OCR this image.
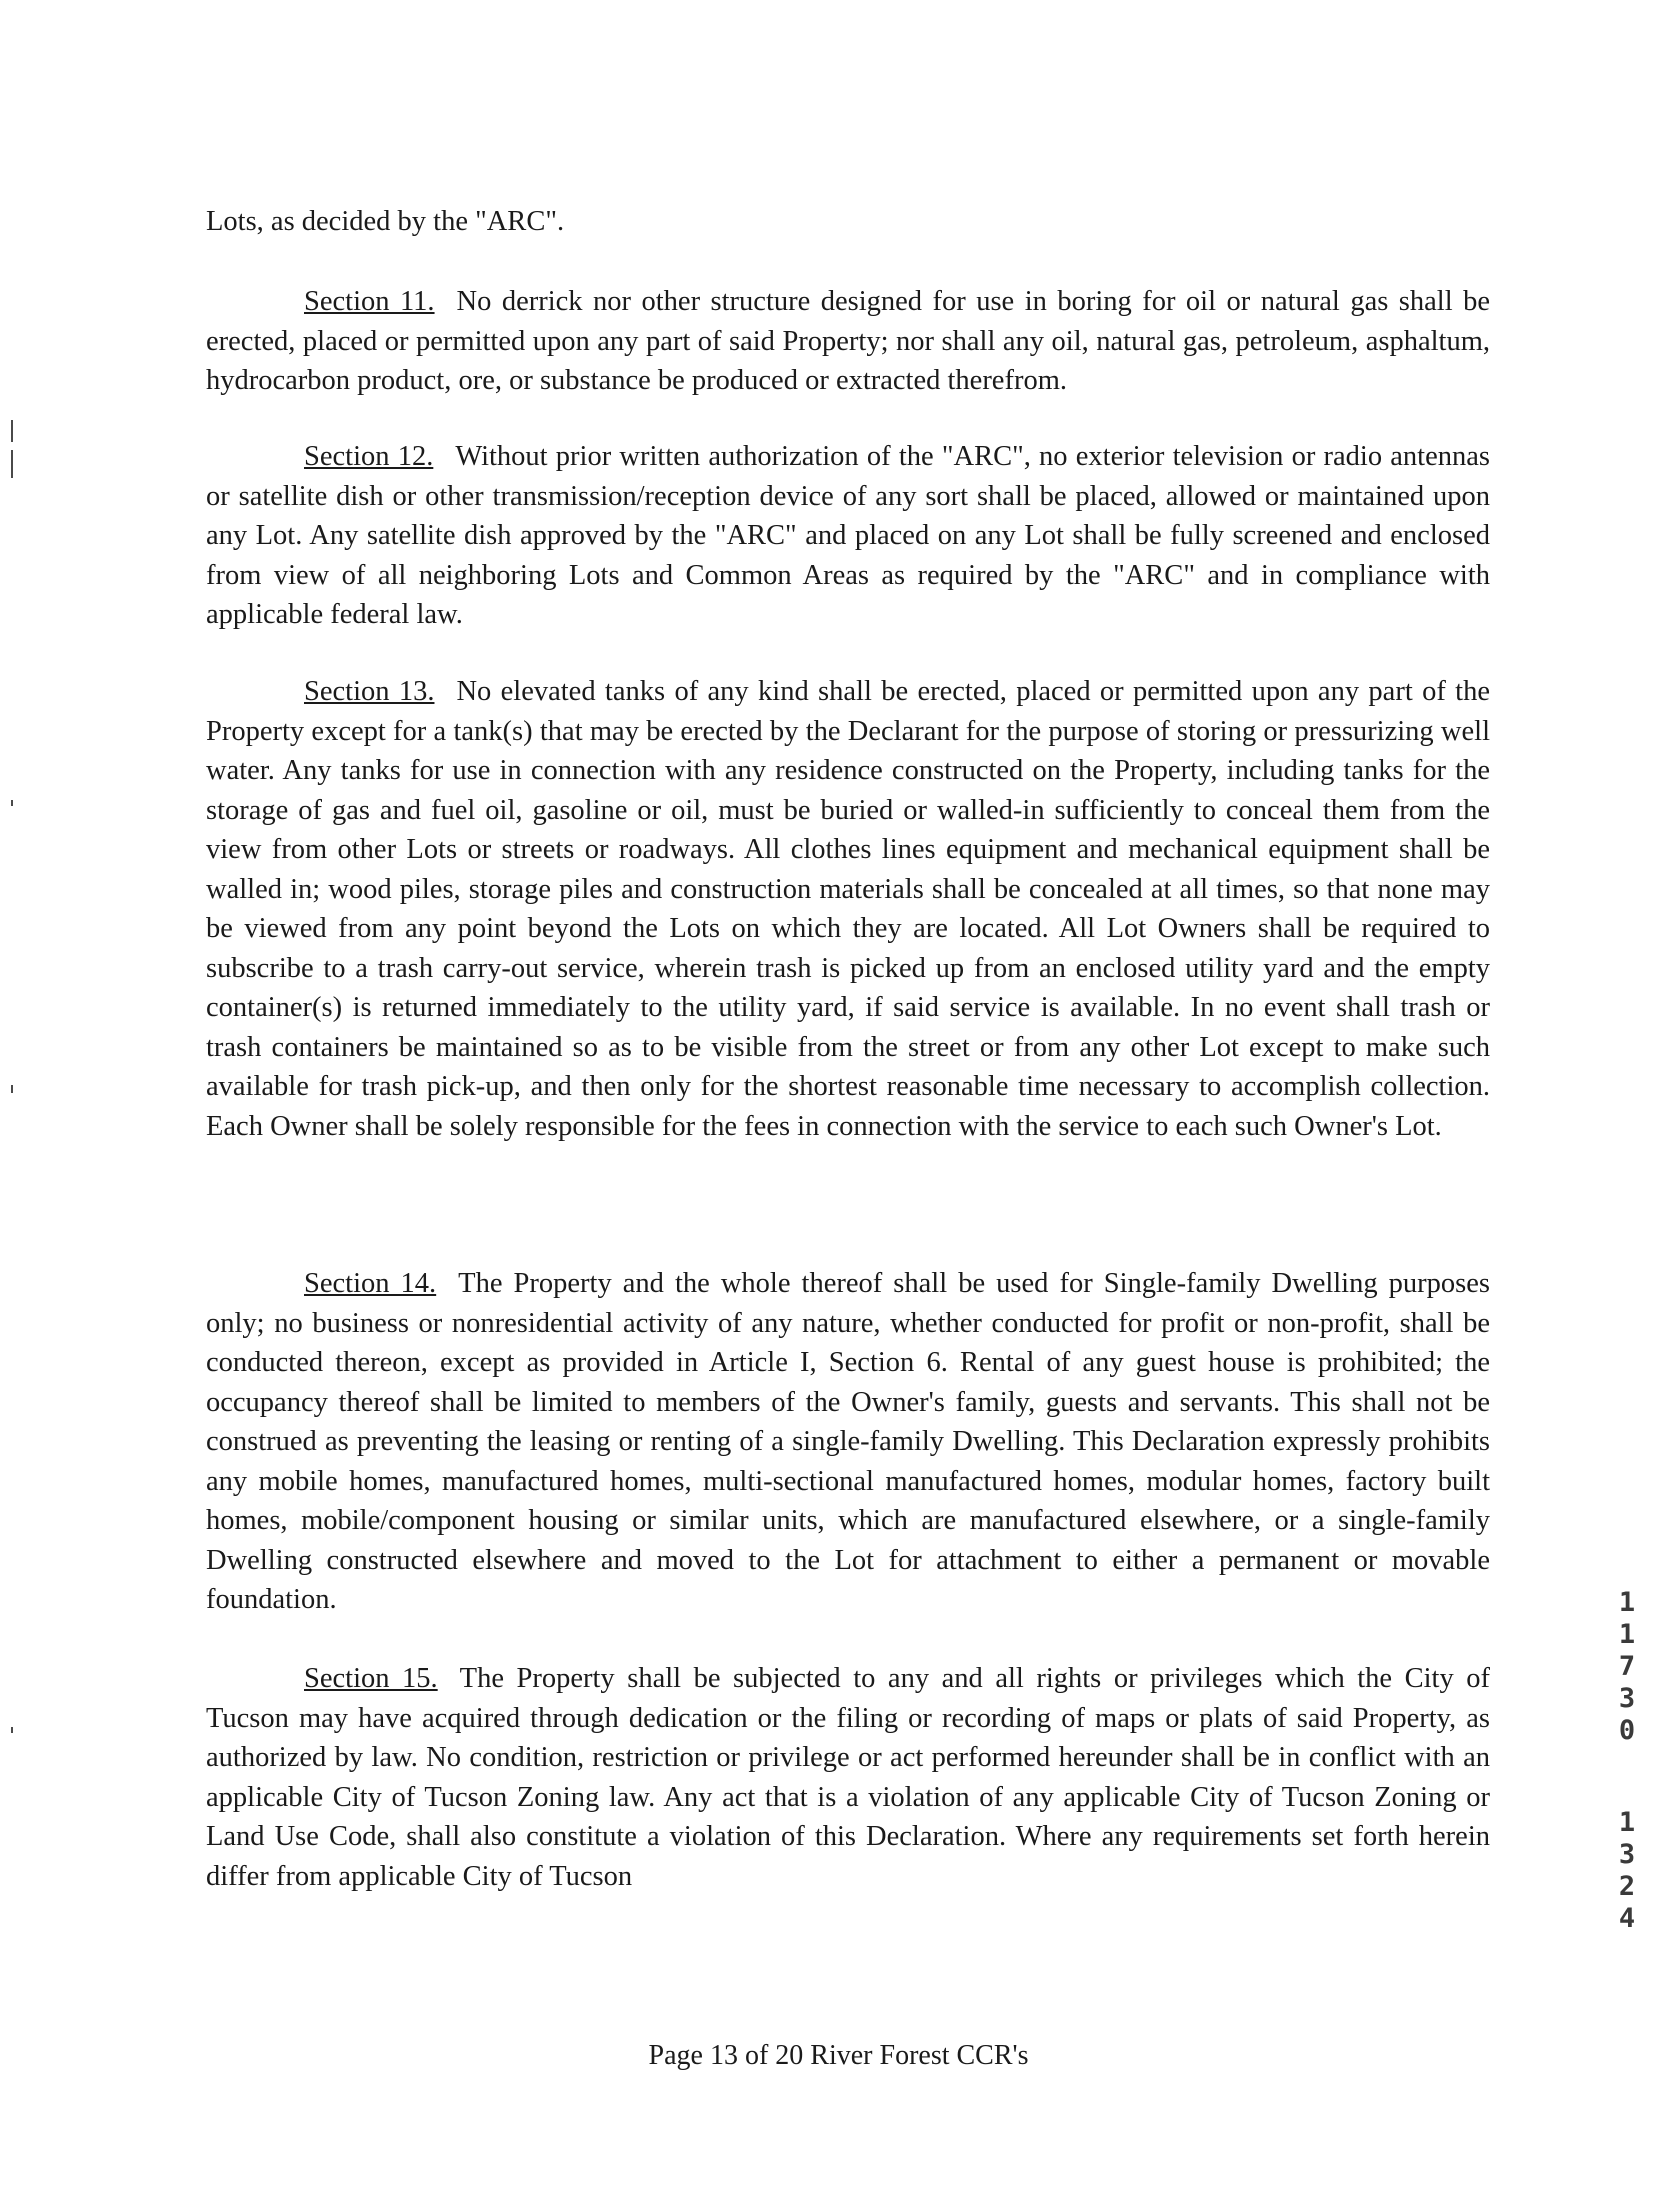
Lots, as decided by the "ARC".

Section 11. No derrick nor other structure designed for use in boring for oil or natural gas shall be erected, placed or permitted upon any part of said Property; nor shall any oil, natural gas, petroleum, asphaltum, hydrocarbon product, ore, or substance be produced or extracted therefrom.

Section 12. Without prior written authorization of the "ARC", no exterior television or radio antennas or satellite dish or other transmission/reception device of any sort shall be placed, allowed or maintained upon any Lot. Any satellite dish approved by the "ARC" and placed on any Lot shall be fully screened and enclosed from view of all neighboring Lots and Common Areas as required by the "ARC" and in compliance with applicable federal law.

Section 13. No elevated tanks of any kind shall be erected, placed or permitted upon any part of the Property except for a tank(s) that may be erected by the Declarant for the purpose of storing or pressurizing well water. Any tanks for use in connection with any residence constructed on the Property, including tanks for the storage of gas and fuel oil, gasoline or oil, must be buried or walled-in sufficiently to conceal them from the view from other Lots or streets or roadways. All clothes lines equipment and mechanical equipment shall be walled in; wood piles, storage piles and construction materials shall be concealed at all times, so that none may be viewed from any point beyond the Lots on which they are located. All Lot Owners shall be required to subscribe to a trash carry-out service, wherein trash is picked up from an enclosed utility yard and the empty container(s) is returned immediately to the utility yard, if said service is available. In no event shall trash or trash containers be maintained so as to be visible from the street or from any other Lot except to make such available for trash pick-up, and then only for the shortest reasonable time necessary to accomplish collection. Each Owner shall be solely responsible for the fees in connection with the service to each such Owner's Lot.

Section 14. The Property and the whole thereof shall be used for Single-family Dwelling purposes only; no business or nonresidential activity of any nature, whether conducted for profit or non-profit, shall be conducted thereon, except as provided in Article I, Section 6. Rental of any guest house is prohibited; the occupancy thereof shall be limited to members of the Owner's family, guests and servants. This shall not be construed as preventing the leasing or renting of a single-family Dwelling. This Declaration expressly prohibits any mobile homes, manufactured homes, multi-sectional manufactured homes, modular homes, factory built homes, mobile/component housing or similar units, which are manufactured elsewhere, or a single-family Dwelling constructed elsewhere and moved to the Lot for attachment to either a permanent or movable foundation.

Section 15. The Property shall be subjected to any and all rights or privileges which the City of Tucson may have acquired through dedication or the filing or recording of maps or plats of said Property, as authorized by law. No condition, restriction or privilege or act performed hereunder shall be in conflict with an applicable City of Tucson Zoning law. Any act that is a violation of any applicable City of Tucson Zoning or Land Use Code, shall also constitute a violation of this Declaration. Where any requirements set forth herein differ from applicable City of Tucson

1
1
7
3
0
1
3
2
4
Page 13 of 20 River Forest CCR's
